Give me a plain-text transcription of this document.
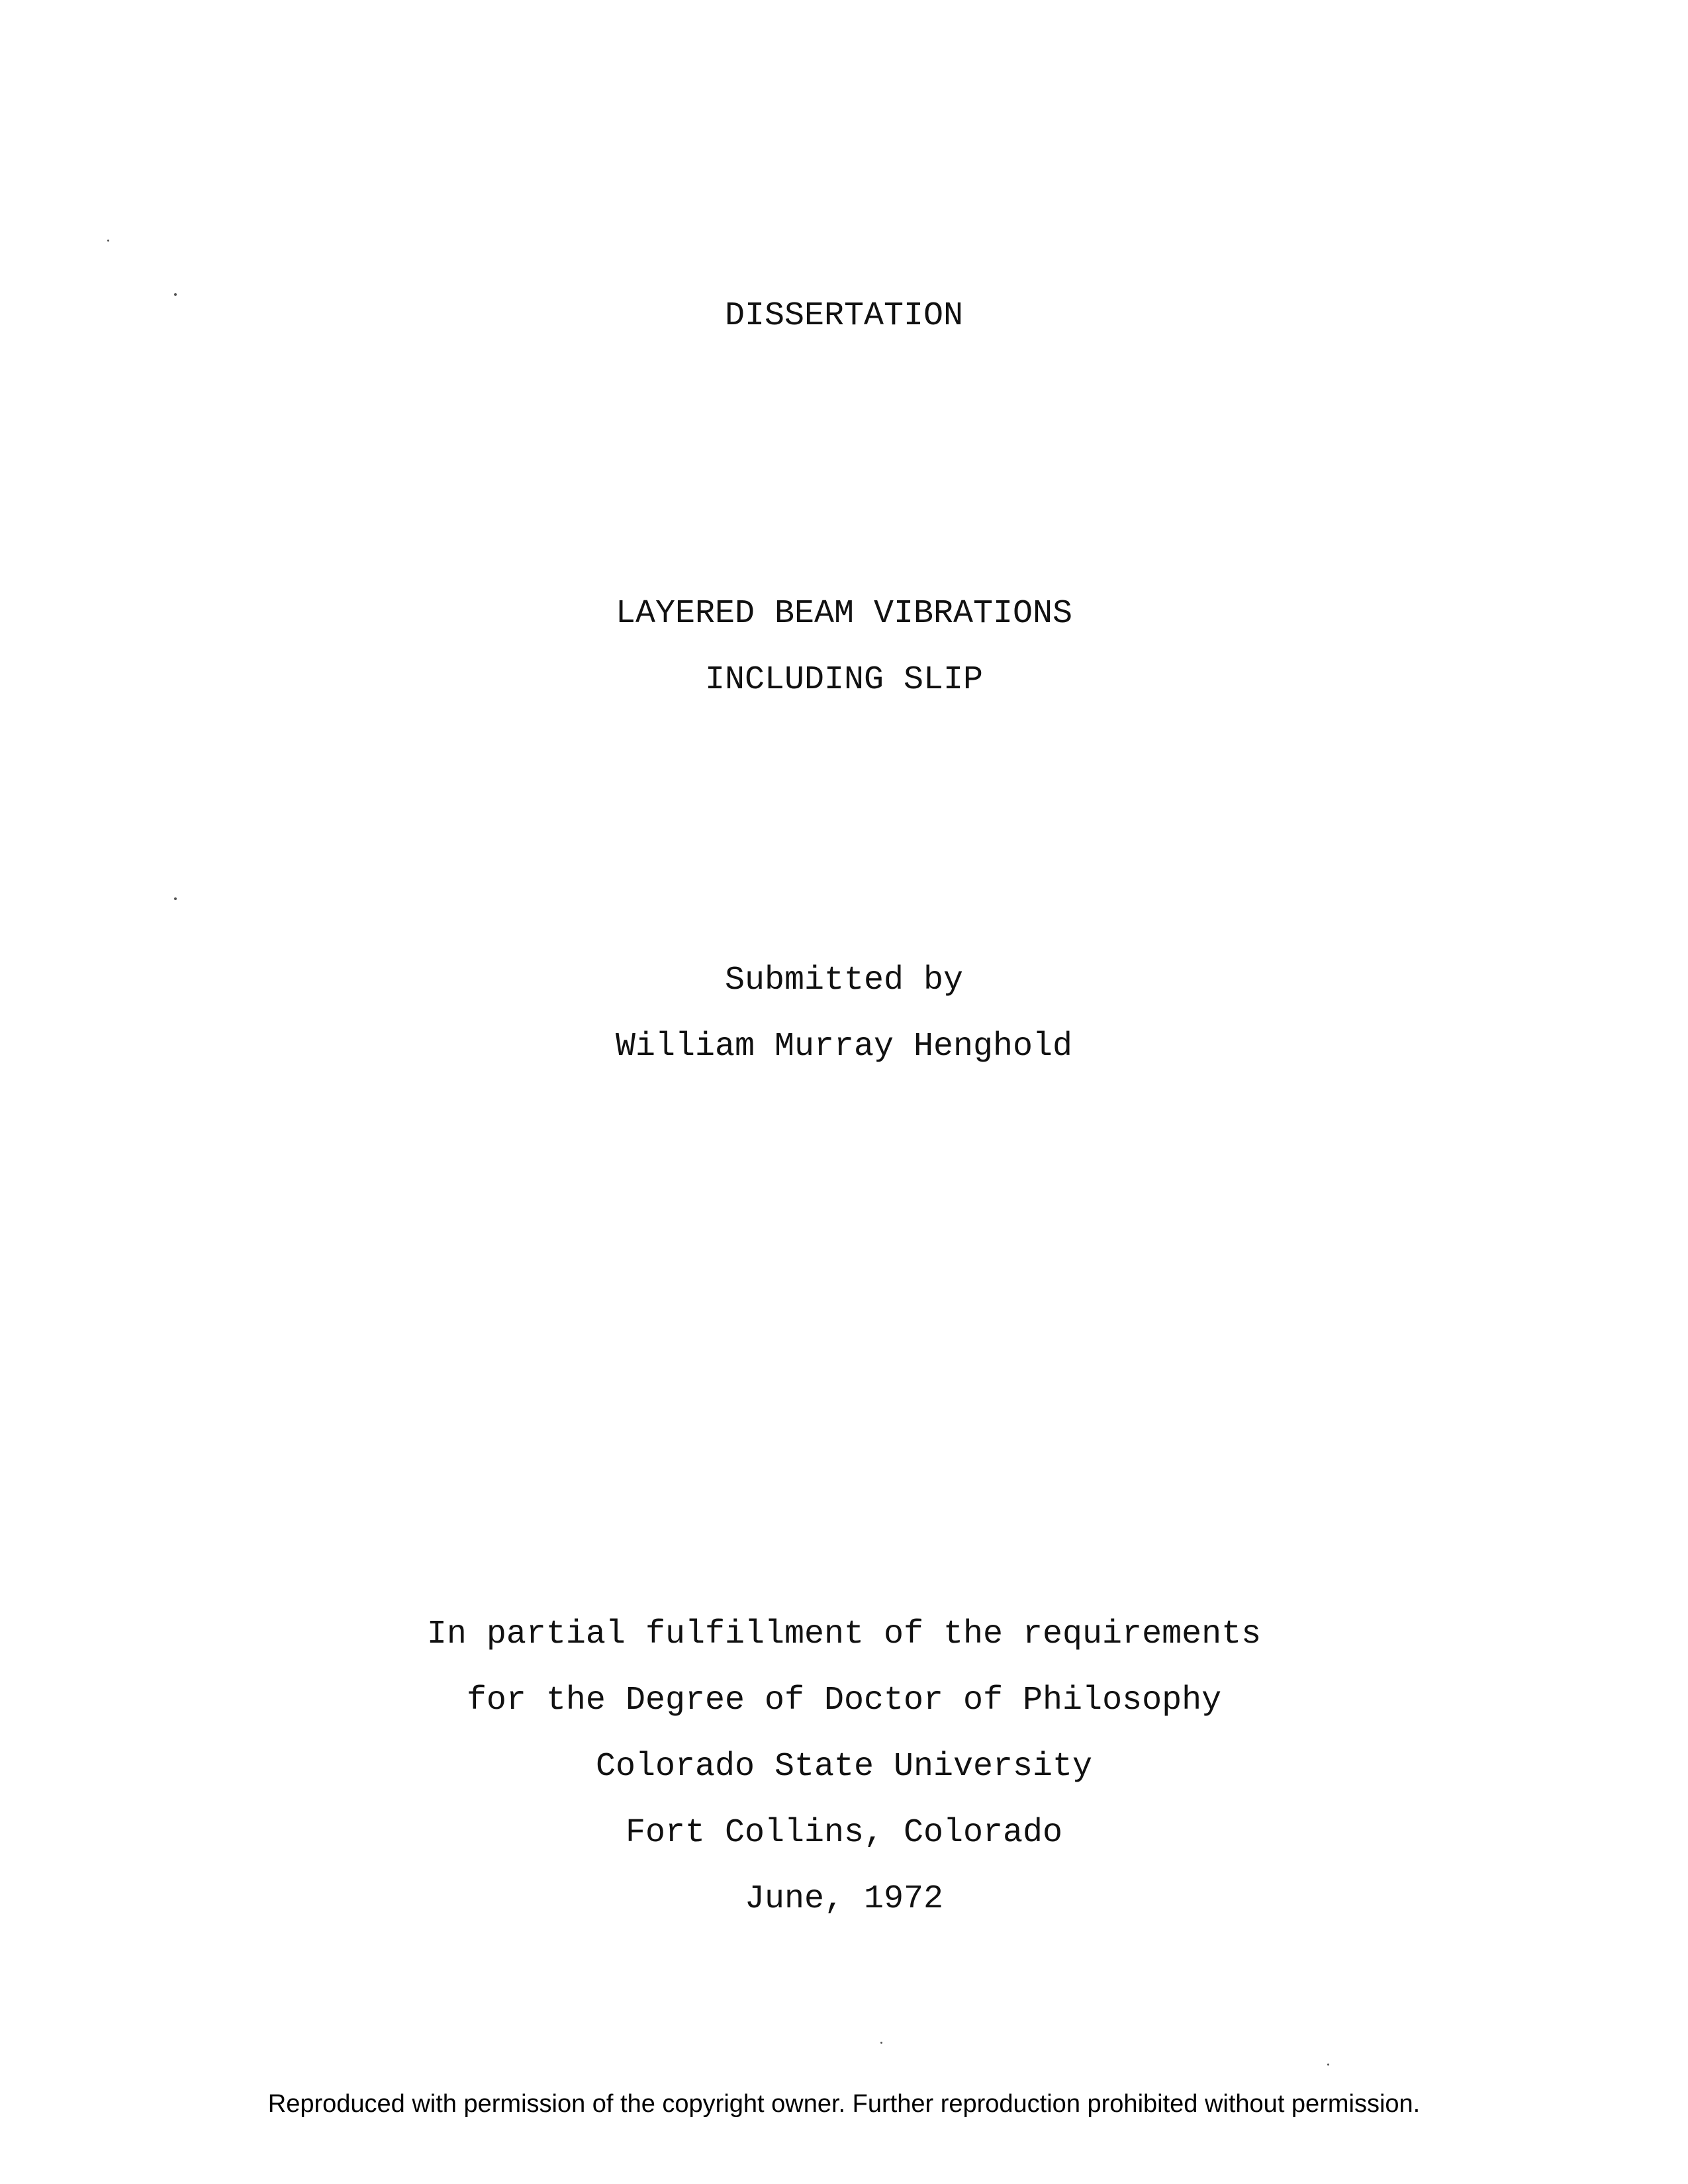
DISSERTATION
LAYERED BEAM VIBRATIONS
INCLUDING SLIP
Submitted by
William Murray Henghold
In partial fulfillment of the requirements
for the Degree of Doctor of Philosophy
Colorado State University
Fort Collins, Colorado
June, 1972
Reproduced with permission of the copyright owner. Further reproduction prohibited without permission.
